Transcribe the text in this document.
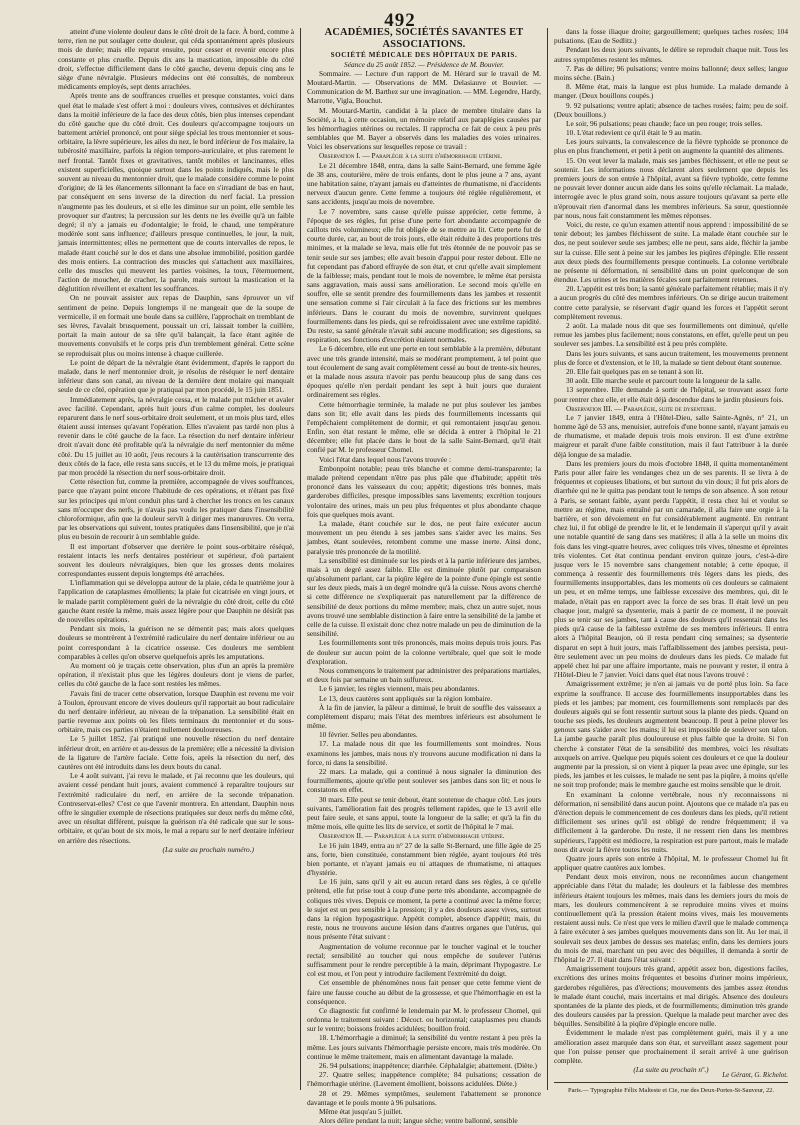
492

atteint d'une violente douleur dans le côté droit de la face. À bord, comme à terre, rien ne put soulager cette douleur, qui céda spontanément après plusieurs mois de durée; mais elle reparut ensuite, pour cesser et revenir encore plus constante et plus cruelle. Depuis dix ans la mastication, impossible du côté droit, s'effectue difficilement dans le côté gauche, devenu depuis cinq ans le siège d'une névralgie. Plusieurs médecins ont été consultés, de nombreux médicaments employés, sept dents arrachées.

Après trente ans de souffrances cruelles et presque constantes, voici dans quel état le malade s'est offert à moi : douleurs vives, contusives et déchirantes dans la moitié inférieure de la face des deux côtés, bien plus intenses cependant du côté gauche que du côté droit. Ces douleurs qu'accompagne toujours un battement artériel prononcé, ont pour siège spécial les trous mentonnier et sous-orbitaire, la lèvre supérieure, les ailes du nez, le bord inférieur de l'os malaire, la tubérosité maxillaire, parfois la région temporo-auriculaire, et plus rarement le nerf frontal. Tantôt fixes et gravitatives, tantôt mobiles et lancinantes, elles existent superficielles, quoique surtout dans les points indiqués, mais le plus souvent au niveau du mentonnier droit, que le malade considère comme le point d'origine; de là les élancements sillonnant la face en s'irradiant de bas en haut, par conséquent en sens inverse de la direction du nerf facial. La pression n'augmente pas les douleurs, et si elle les diminue sur un point, elle semble les provoquer sur d'autres; la percussion sur les dents ne les éveille qu'à un faible degré; il n'y a jamais eu d'odontalgie; le froid, le chaud, une température modérée sont sans influence; d'ailleurs presque continuelles, le jour, la nuit, jamais intermittentes; elles ne permettent que de courts intervalles de repos, le malade étant couché sur le dos et dans une absolue immobilité, position gardée des mois entiers. La contraction des muscles qui s'attachent aux maxillaires, celle des muscles qui meuvent les parties voisines, la toux, l'éternuement, l'action de moucher, de cracher, la parole, mais surtout la mastication et la déglutition réveillent et exaltent les souffrances.

On ne pouvait assister aux repas de Dauphin, sans éprouver un vif sentiment de peine. Depuis longtemps il ne mangeait que de la soupe de vermicelle, il en formait une boule dans sa cuillère, l'approchait en tremblant de ses lèvres, l'avalait brusquement, poussait un cri, laissait tomber la cuillère, portait la main autour de sa tête qu'il balançait, la face étant agitée de mouvements convulsifs et le corps pris d'un tremblement général. Cette scène se reproduisait plus ou moins intense à chaque cuillerée.

Le point de départ de la névralgie étant évidemment, d'après le rapport du malade, dans le nerf mentonnier droit, je résolus de réséquer le nerf dentaire inférieur dans son canal, au niveau de la dernière dent molaire qui manquait seule de ce côté, opération que je pratiquai par mon procédé, le 15 juin 1851.

Immédiatement après, la névralgie cessa, et le malade put mâcher et avaler avec facilité. Cependant, après huit jours d'un calme complet, les douleurs reparurent dans le nerf sous-orbitaire droit seulement, et un mois plus tard, elles étaient aussi intenses qu'avant l'opération. Elles n'avaient pas tardé non plus à revenir dans le côté gauche de la face. La résection du nerf dentaire inférieur droit n'avait donc été profitable qu'à la névralgie du nerf mentonnier du même côté. Du 15 juillet au 10 août, j'eus recours à la cautérisation transcurrente des deux côtés de la face, elle resta sans succès, et le 13 du même mois, je pratiquai par mon procédé la résection du nerf sous-orbitaire droit.

Cette résection fut, comme la première, accompagnée de vives souffrances, parce que n'ayant point encore l'habitude de ces opérations, et n'étant pas fixé sur les principes qui m'ont conduit plus tard à chercher les troncs en les canaux sans m'occuper des nerfs, je n'avais pas voulu les pratiquer dans l'insensibilité chloroformique, afin que la douleur servît à diriger mes manœuvres. On verra, par les observations qui suivent, toutes pratiquées dans l'insensibilité, que je n'ai plus eu besoin de recourir à un semblable guide.

Il est important d'observer que derrière le point sous-orbitaire réséqué, restaient intacts les nerfs dentaires postérieur et supérieur, d'où partaient souvent les douleurs névralgiques, bien que les grosses dents molaires correspondantes eussent depuis longtemps été arrachées.

L'inflammation qui se développa autour de la plaie, céda le quatrième jour à l'application de cataplasmes émollients; la plaie fut cicatrisée en vingt jours, et le malade partit complètement guéri de la névralgie du côté droit, celle du côté gauche étant restée la même, mais assez légère pour que Dauphin ne désirât pas de nouvelles opérations.

Pendant six mois, la guérison ne se démentit pas; mais alors quelques douleurs se montrèrent à l'extrémité radiculaire du nerf dentaire inférieur ou au point correspondant à la cicatrice osseuse. Ces douleurs me semblent comparables à celles qu'on observe quelquefois après les amputations.

Au moment où je traçais cette observation, plus d'un an après la première opération, il n'existait plus que les légères douleurs dont je viens de parler, celles du côté gauche de la face sont restées les mêmes.

J'avais fini de tracer cette observation, lorsque Dauphin est revenu me voir à Toulon, éprouvant encore de vives douleurs qu'il rapportait au bout radiculaire du nerf dentaire inférieur, au niveau de la trépanation. La sensibilité était en partie revenue aux points où les filets terminaux du mentonnier et du sous-orbitaire, mais ces parties n'étaient nullement douloureuses.

Le 5 juillet 1852, j'ai pratiqué une nouvelle résection du nerf dentaire inférieur droit, en arrière et au-dessus de la première; elle a nécessité la division de la ligature de l'artère faciale. Cette fois, après la résection du nerf, des cautères ont été introduits dans les deux bouts du canal.

Le 4 août suivant, j'ai revu le malade, et j'ai reconnu que les douleurs, qui avaient cessé pendant huit jours, avaient commencé à reparaître toujours sur l'extrémité radiculaire du nerf, en arrière de la seconde trépanation. Contreservat-elles? C'est ce que l'avenir montrera. En attendant, Dauphin nous offre le singulier exemple de résections pratiquées sur deux nerfs du même côté, avec un résultat différent, puisque la guérison n'a été radicale que sur le sous-orbitaire, et qu'au bout de six mois, le mal a reparu sur le nerf dentaire inférieur en arrière des résections.

(La suite au prochain numéro.)

ACADÉMIES, SOCIÉTÉS SAVANTES ET ASSOCIATIONS.

SOCIÉTÉ MÉDICALE DES HÔPITAUX DE PARIS.

Séance du 25 août 1852. — Présidence de M. Bouvier.

Sommaire. — Lecture d'un rapport de M. Hérard sur le travail de M. Moutard-Martin. — Observations de MM. Delasiauve et Bouvier. — Communication de M. Barthez sur une invagination. — MM. Legendre, Hardy, Marrotte, Vigla, Bouchut.

M. Moutard-Martin, candidat à la place de membre titulaire dans la Société, a lu, à cette occasion, un mémoire relatif aux paraplégies causées par les hémorrhagies utérines ou rectales. Il rapprocha ce fait de ceux à peu près semblables que M. Bayer a observés dans les maladies des voies urinaires. Voici les observations sur lesquelles repose ce travail :

Observation I. — Paraplégie à la suite d'hémorrhagie utérine.

Le 21 décembre 1848, entra, dans la salle Saint-Bernard, une femme âgée de 38 ans, couturière, mère de trois enfants, dont le plus jeune a 7 ans, ayant une habitation saine, n'ayant jamais eu d'atteintes de rhumatisme, ni d'accidents nerveux d'aucun genre. Cette femme a toujours été réglée régulièrement, et sans accidents, jusqu'au mois de novembre.

Le 7 novembre, sans cause qu'elle puisse apprécier, cette femme, à l'époque de ses règles, fut prise d'une perte fort abondante accompagnée de caillots très volumineux; elle fut obligée de se mettre au lit. Cette perte fut de courte durée, car, au bout de trois jours, elle était réduite à des proportions très minimes, et la malade se leva, mais elle fut très étonnée de ne pouvoir pas se tenir seule sur ses jambes; elle avait besoin d'appui pour rester debout. Elle ne fut cependant pas d'abord effrayée de son état, et crut qu'elle avait simplement de la faiblesse; mais, pendant tout le mois de novembre, le même état persista sans aggravation, mais aussi sans amélioration. Le second mois qu'elle en souffre, elle se sentit prendre des fourmillements dans les jambes et ressentit une sensation comme si l'air circulait à la face des frictions sur les membres inférieurs. Dans le courant du mois de novembre, survinrent quelques fourmillements dans les pieds, qui se refroidissaient avec une extrême rapidité. Du reste, sa santé générale n'avait subi aucune modification; ses digestions, sa respiration, ses fonctions d'excrétion étaient normales.

Le 6 décembre, elle eut une perte en tout semblable à la première, débutant avec une très grande intensité, mais se modérant promptement, à tel point que tout écoulement de sang avait complètement cessé au bout de trente-six heures, et la malade nous assura n'avoir pas perdu beaucoup plus de sang dans ces époques qu'elle n'en perdait pendant les sept à huit jours que duraient ordinairement ses règles.

Cette hémorrhagie terminée, la malade ne put plus soulever les jambes dans son lit; elle avait dans les pieds des fourmillements incessants qui l'empêchaient complètement de dormir, et qui remontaient jusqu'au genou. Enfin, son état restant le même, elle se décida à entrer à l'hôpital le 21 décembre; elle fut placée dans le bout de la salle Saint-Bernard, qu'il était confié par M. le professeur Chomel.

Voici l'état dans lequel nous l'avons trouvée :

Embonpoint notable; peau très blanche et comme demi-transparente; la malade prétend cependant n'être pas plus pâle que d'habitude; appétit très prononcé dans les vaisseaux du cou; appétit; digestions très bonnes, mais garderobes difficiles, presque impossibles sans lavements; excrétion toujours volontaire des urines, mais un peu plus fréquentes et plus abondante chaque fois que quelques mois avant.

La malade, étant couchée sur le dos, ne peut faire exécuter aucun mouvement un peu étendu à ses jambes sans s'aider avec les mains. Ses jambes, étant soulevées, retombent comme une masse inerte. Ainsi donc, paralysie très prononcée de la motilité.

La sensibilité est diminuée sur les pieds et à la partie inférieure des jambes, mais à un degré assez faible. Elle est diminuée plutôt par comparaison qu'absolument parlant, car la piqûre légère de la pointe d'une épingle est sentie sur les deux pieds, mais à un degré moindre qu'à la cuisse. Nous avons cherché si cette différence ne s'expliquerait pas naturellement par la différence de sensibilité de deux portions du même membre; mais, chez un autre sujet, nous avons trouvé une semblable distinction à faire entre la sensibilité de la jambe et celle de la cuisse. Il existait donc chez notre malade un peu de diminution de la sensibilité.

Les fourmillements sont très prononcés, mais moins depuis trois jours. Pas de douleur sur aucun point de la colonne vertébrale, quel que soit le mode d'exploration.

Nous commençons le traitement par administrer des préparations martiales, et deux fois par semaine un bain sulfureux.

Le 6 janvier, les règles viennent, mais peu abondantes.

Le 13, deux cautères sont appliqués sur la région lombaire.

À la fin de janvier, la pâleur a diminué, le bruit de souffle des vaisseaux a complètement disparu; mais l'état des membres inférieurs est absolument le même.

10 février. Selles peu abondantes.

17. La malade nous dit que les fourmillements sont moindres. Nous examinons les jambes, mais nous n'y trouvons aucune modification ni dans la force, ni dans la sensibilité.

22 mars. La malade, qui a continué à nous signaler la diminution des fourmillements, ajoute qu'elle peut soulever ses jambes dans son lit; et nous le constatons en effet.

30 mars. Elle peut se tenir debout, étant soutenue de chaque côté. Les jours suivants, l'amélioration fait des progrès tellement rapides, que le 13 avril elle peut faire seule, et sans appui, toute la longueur de la salle; et qu'à la fin du même mois, elle quitte les lits de service, et sortit de l'hôpital le 7 mai.

Observation II. — Paraplégie à la suite d'hémorrhagie utérine.

Le 16 juin 1849, entra au n° 27 de la salle St-Bernard, une fille âgée de 25 ans, forte, bien constituée, constamment bien réglée, ayant toujours été très bien portante, et n'ayant jamais eu ni attaques de rhumatisme, ni attaques d'hystérie.

Le 16 juin, sans qu'il y ait eu aucun retard dans ses règles, à ce qu'elle prétend, elle fut prise tout à coup d'une perte très abondante, accompagnée de coliques très vives. Depuis ce moment, la perte a continué avec la même force; le sujet est un peu sensible à la pression; il y a des douleurs assez vives, surtout dans la région hypogastrique. Appétit complet, absence d'appétit; mais, du reste, nous ne trouvons aucune lésion dans d'autres organes que l'utérus, qui nous présente l'état suivant :

Augmentation de volume reconnue par le toucher vaginal et le toucher rectal; sensibilité au toucher qui nous empêche de soulever l'utérus suffisamment pour le rendre perceptible à la main, déprimant l'hypogastre. Le col est mou, et l'on peut y introduire facilement l'extrémité du doigt.

Cet ensemble de phénomènes nous fait penser que cette femme vient de faire une fausse couche au début de la grossesse, et que l'hémorrhagie en est la conséquence.

Ce diagnostic fut confirmé le lendemain par M. le professeur Chomel, qui ordonna le traitement suivant : Décoct. ou horizontal; cataplasmes peu chauds sur le ventre; boissons froides acidulées; bouillon froid.

18. L'hémorrhagie a diminué; la sensibilité du ventre restant à peu près la même. Les jours suivants l'hémorrhagie persiste encore, mais très modérée. On continue le même traitement, mais en alimentant davantage la malade.

26. 94 pulsations; inappétence; diarrhée. Céphalalgie; abattement. (Diète.)

27. Quatre selles; inappétence complète; 84 pulsations; cessation de l'hémorrhagie utérine. (Lavement émollient, boissons acidulées. Diète.)

28 et 29. Mêmes symptômes, seulement l'abattement se prononce davantage et le pouls monte à 96 pulsations.

Même état jusqu'au 5 juillet.

Alors délire pendant la nuit; langue sèche; ventre ballonné, sensible

dans la fosse iliaque droite; gargouillement; quelques taches rosées; 104 pulsations. (Eau de Sedlitz.)

Pendant les deux jours suivants, le délire se reproduit chaque nuit. Tous les autres symptômes restent les mêmes.

7. Pas de délire; 96 pulsations; ventre moins ballonné; deux selles; langue moins sèche. (Bain.)

8. Même état, mais la langue est plus humide. La malade demande à manger. (Deux bouillons coupés.)

9. 92 pulsations; ventre aplati; absence de taches rosées; faim; peu de soif. (Deux bouillons.)

Le soir, 96 pulsations; peau chaude; face un peu rouge; trois selles.

10. L'état redevient ce qu'il était le 9 au matin.

Les jours suivants, la convalescence de la fièvre typhoïde se prononce de plus en plus franchement, et petit à petit on augmente la quantité des aliments.

15. On veut lever la malade, mais ses jambes fléchissent, et elle ne peut se soutenir. Les informations nous déclarent alors seulement que depuis les premiers jours de son entrée à l'hôpital, avant sa fièvre typhoïde, cette femme ne pouvait lever donner aucun aide dans les soins qu'elle réclamait. La malade, interrogée avec le plus grand soin, nous assure toujours qu'avant sa perte elle n'éprouvait rien d'anormal dans les membres inférieurs. Sa sœur, questionnée par nous, nous fait constamment les mêmes réponses.

Voici, du reste, ce qu'un examen attentif nous apprend : impossibilité de se tenir debout; les jambes fléchissent de suite. La malade étant couchée sur le dos, ne peut soulever seule ses jambes; elle ne peut, sans aide, fléchir la jambe sur la cuisse. Elle sent à peine sur les jambes les piqûres d'épingle. Elle ressent aux deux pieds des fourmillements presque continuels. La colonne vertébrale ne présente ni déformation, ni sensibilité dans un point quelconque de son étendue. Les urines et les matières fécales sont parfaitement retenues.

20. L'appétit est très bon; la santé générale parfaitement rétablie; mais il n'y a aucun progrès du côté des membres inférieurs. On se dirige aucun traitement contre cette paralysie, se réservant d'agir quand les forces et l'appétit seront complètement revenus.

2 août. La malade nous dit que ses fourmillements ont diminué, qu'elle remue les jambes plus facilement; nous constatons, en effet, qu'elle peut un peu soulever ses jambes. La sensibilité est à peu près complète.

Dans les jours suivants, et sans aucun traitement, les mouvements prennent plus de force et d'extension, et le 10, la malade se tient debout étant soutenue.

20. Elle fait quelques pas en se tenant à son lit.

30 août. Elle marche seule et parcourt toute la longueur de la salle.

13 septembre. Elle demande à sortir de l'hôpital, se trouvant assez forte pour rentrer chez elle, et elle était déjà descendue dans le jardin plusieurs fois.

Observation III. — Paraplégie, suite de dysenterie.

Le 7 janvier 1849, entra à l'Hôtel-Dieu, salle Sainte-Agnès, n° 21, un homme âgé de 53 ans, menuisier, autrefois d'une bonne santé, n'ayant jamais eu de rhumatisme, et malade depuis trois mois environ. Il est d'une extrême maigreur et paraît d'une faible constitution, mais il faut l'attribuer à la durée déjà longue de sa maladie.

Dans les premiers jours du mois d'octobre 1848, il quitta momentanément Paris pour aller faire les vendanges chez un de ses parents. Il se livra à de fréquentes et copieuses libations, et but surtout du vin doux; il fut pris alors de diarrhée qui ne le quitta pas pendant tout le temps de son absence. À son retour à Paris, se sentant faible, ayant perdu l'appétit, il resta chez lui et voulut se mettre au régime, mais entraîné par un camarade, il alla faire une orgie à la barrière, et son dévoiement en fut considérablement augmenté. En rentrant chez lui, il fut obligé de prendre le lit, et le lendemain il s'aperçut qu'il y avait une notable quantité de sang dans ses matières; il alla à la selle un moins dix fois dans les vingt-quatre heures, avec coliques très vives, ténesme et épreintes très violentes. Cet état continua pendant environ quinze jours, c'est-à-dire jusque vers le 15 novembre sans changement notable; à cette époque, il commença à ressentir des fourmillements très légers dans les pieds, des fourmillements insupportables, dans les moments où ces douleurs se calmaient un peu, et en même temps, une faiblesse excessive des membres, qui, dit le malade, n'était pas en rapport avec la force de ses bras. Il était levé un peu chaque jour, malgré sa dysenterie, mais à partir de ce moment, il ne pouvait plus se tenir sur ses jambes, tant à cause des douleurs qu'il ressentait dans les pieds qu'à cause de la faiblesse extrême de ses membres inférieurs. Il entra alors à l'hôpital Beaujon, où il resta pendant cinq semaines; sa dysenterie disparut en sept à huit jours, mais l'affaiblissement des jambes persista, peut-être seulement avec un peu moins de douleurs dans les pieds. Ce malade fut appelé chez lui par une affaire importante, mais ne pouvant y rester, il entra à l'Hôtel-Dieu le 7 janvier. Voici dans quel état nous l'avons trouvé :

Amaigrissement extrême; je n'en ai jamais vu de porté plus loin. Sa face exprime la souffrance. Il accuse des fourmillements insupportables dans les pieds et les jambes; par moment, ces fourmillements sont remplacés par des douleurs aiguës qui se font ressentir surtout sous la plante des pieds. Quand on touche ses pieds, les douleurs augmentent beaucoup. Il peut à peine plover les genoux sans s'aider avec les mains; il lui est impossible de soulever son talon. La jambe gauche paraît plus douloureuse et plus faible que la droite. Si l'on cherche à constater l'état de la sensibilité des membres, voici les résultats auxquels on arrive. Quelque peu piqués soient ces douleurs et ce que la douleur augmente par la pression, si on vient à piquer la peau avec une épingle, sur les pieds, les jambes et les cuisses, le malade ne sent pas la piqûre, à moins qu'elle ne soit trop profonde; mais le membre gauche est moins sensible que le droit.

En examinant la colonne vertébrale, nous n'y reconnaissons ni déformation, ni sensibilité dans aucun point. Ajoutons que ce malade n'a pas eu d'érection depuis le commencement de ces douleurs dans les pieds, qu'il retient difficilement ses urines qu'il est obligé de rendre fréquemment; il va difficilement à la garderobe. Du reste, il ne ressent rien dans les membres supérieurs, l'appétit est médiocre, la respiration est pure partout, mais le malade nous dit avoir la fièvre toutes les nuits.

Quatre jours après son entrée à l'hôpital, M. le professeur Chomel lui fit appliquer quatre cautères aux lombes.

Pendant deux mois environ, nous ne reconnûmes aucun changement appréciable dans l'état du malade; les douleurs et la faiblesse des membres inférieurs étaient toujours les mêmes, mais dans les derniers jours du mois de mars, les douleurs commencèrent à se reproduire moins vives et moins continuellement qu'à la pression étaient moins vives, mais les mouvements restaient aussi nuls. Ce n'est que vers le milieu d'avril que le malade commença à faire exécuter à ses jambes quelques mouvements dans son lit. Au 1er mai, il soulevait ses deux jambes de dessus ses matelas; enfin, dans les derniers jours du mois de mai, marchant un peu avec des béquilles, il demanda à sortir de l'hôpital le 27. Il était dans l'état suivant :

Amaigrissement toujours très grand, appétit assez bon, digestions faciles, excrétions des urines moins fréquentes et besoins d'uriner moins impérieux, garderobes régulières, pas d'érections; mouvements des jambes assez étendus le malade étant couché, mais incertains et mal dirigés. Absence des douleurs spontanées de la plante des pieds, et de fourmillements; diminution très grande des douleurs causées par la pression. Quelque la malade peut marcher avec des béquilles. Sensibilité à la piqûre d'épingle encore nulle.

Évidemment le malade n'est pas complètement guéri, mais il y a une amélioration assez marquée dans son état, et surveillant assez sagement pour que l'on puisse penser que prochainement il serait arrivé à une guérison complète.

(La suite au prochain nº.)

Le Gérant, G. Richelot.
Paris.— Typographie Félix Malteste et Cie, rue des Deux-Portes-St-Sauveur, 22.
